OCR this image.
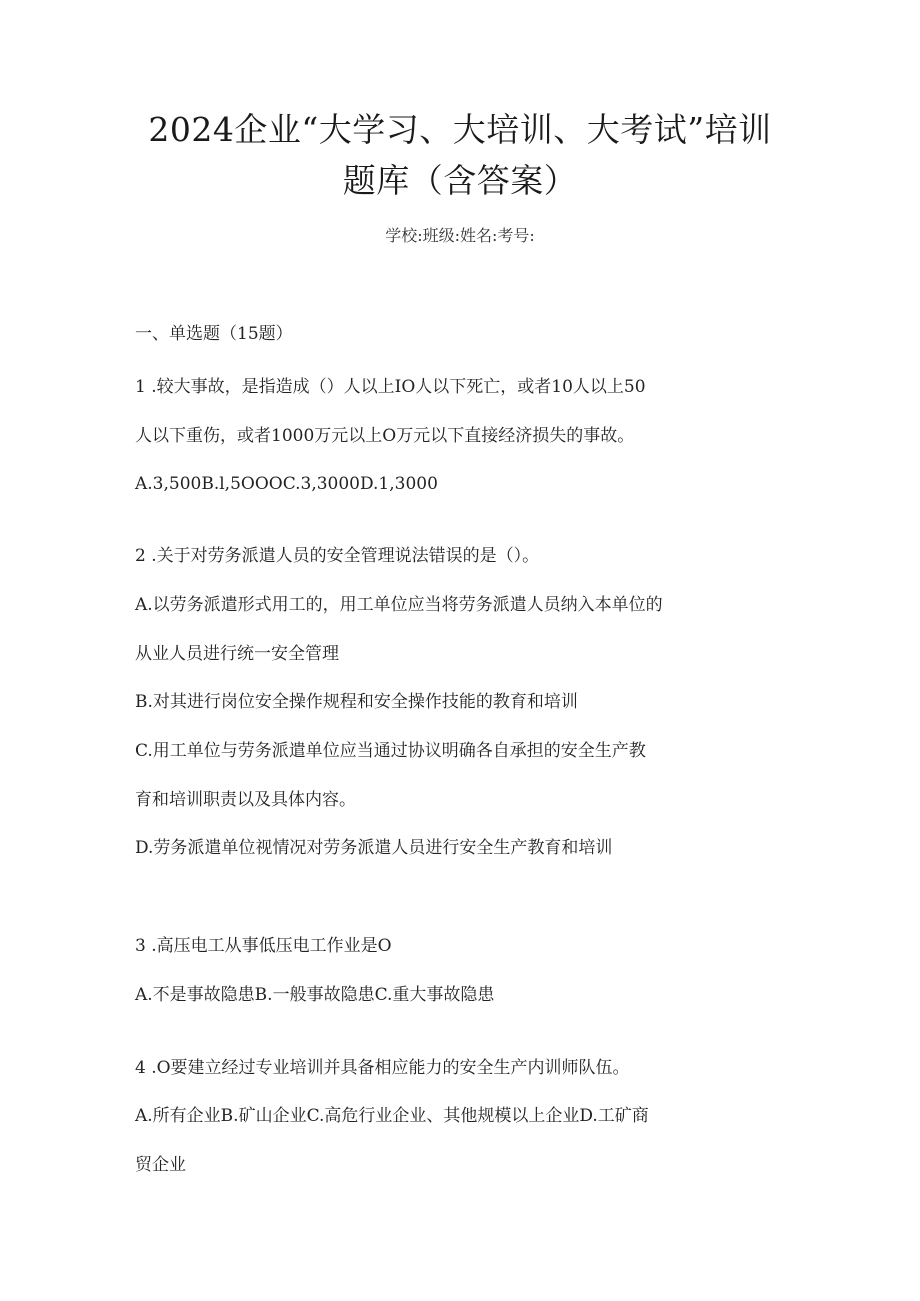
2024企业“大学习、大培训、大考试”培训
题库（含答案）
学校:班级:姓名:考号:
一、单选题（15题）
1 .较大事故，是指造成（）人以上IO人以下死亡，或者10人以上50
人以下重伤，或者1000万元以上O万元以下直接经济损失的事故。
A.3,500B.l,5OOOC.3,3000D.1,3000
2 .关于对劳务派遣人员的安全管理说法错误的是（）。
A.以劳务派遣形式用工的，用工单位应当将劳务派遣人员纳入本单位的
从业人员进行统一安全管理
B.对其进行岗位安全操作规程和安全操作技能的教育和培训
C.用工单位与劳务派遣单位应当通过协议明确各自承担的安全生产教
育和培训职责以及具体内容。
D.劳务派遣单位视情况对劳务派遣人员进行安全生产教育和培训
3 .高压电工从事低压电工作业是O
A.不是事故隐患B.一般事故隐患C.重大事故隐患
4 .O要建立经过专业培训并具备相应能力的安全生产内训师队伍。
A.所有企业B.矿山企业C.高危行业企业、其他规模以上企业D.工矿商
贸企业
